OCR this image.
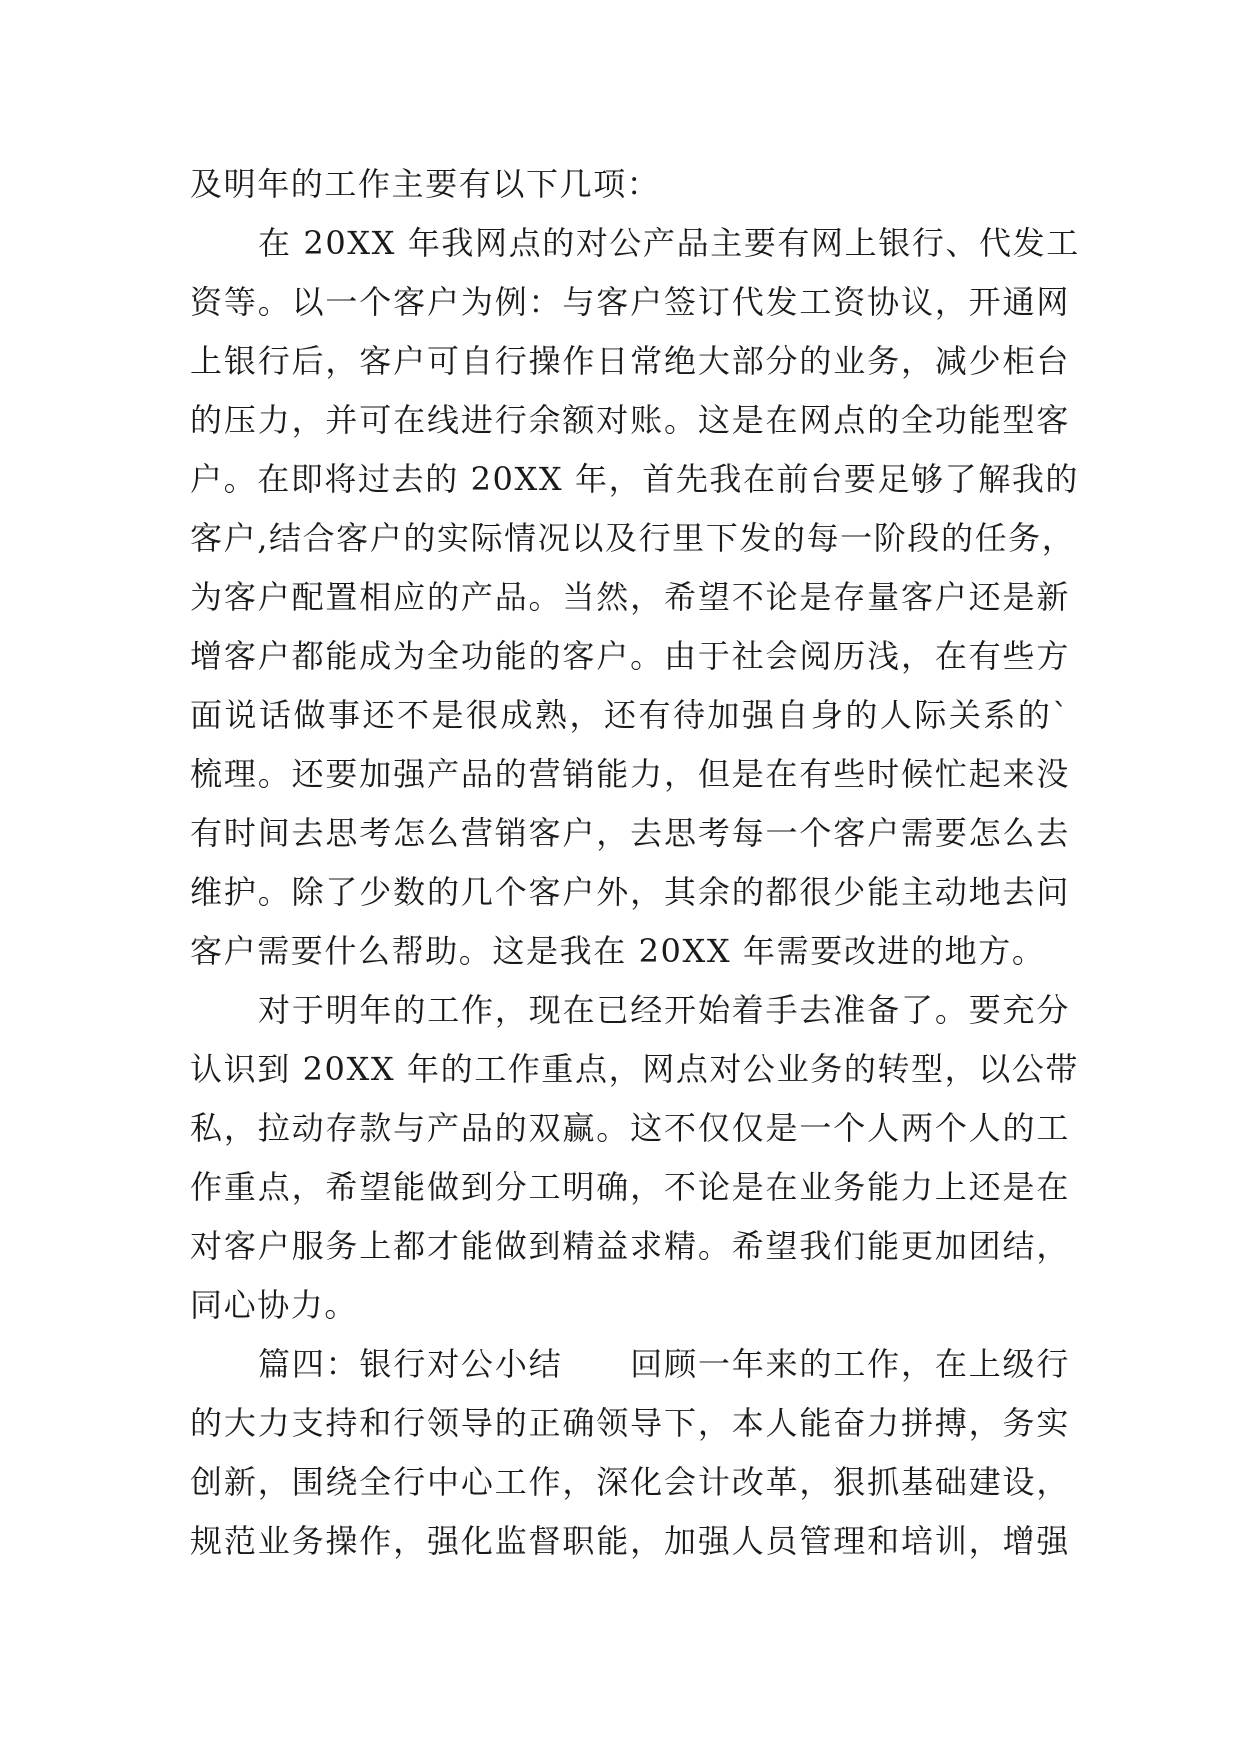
及明年的工作主要有以下几项：
在 20XX 年我网点的对公产品主要有网上银行、代发工
资等。以一个客户为例：与客户签订代发工资协议，开通网
上银行后，客户可自行操作日常绝大部分的业务，减少柜台
的压力，并可在线进行余额对账。这是在网点的全功能型客
户。在即将过去的 20XX 年，首先我在前台要足够了解我的
客户,结合客户的实际情况以及行里下发的每一阶段的任务，
为客户配置相应的产品。当然，希望不论是存量客户还是新
增客户都能成为全功能的客户。由于社会阅历浅，在有些方
面说话做事还不是很成熟，还有待加强自身的人际关系的`
梳理。还要加强产品的营销能力，但是在有些时候忙起来没
有时间去思考怎么营销客户，去思考每一个客户需要怎么去
维护。除了少数的几个客户外，其余的都很少能主动地去问
客户需要什么帮助。这是我在 20XX 年需要改进的地方。
对于明年的工作，现在已经开始着手去准备了。要充分
认识到 20XX 年的工作重点，网点对公业务的转型，以公带
私，拉动存款与产品的双赢。这不仅仅是一个人两个人的工
作重点，希望能做到分工明确，不论是在业务能力上还是在
对客户服务上都才能做到精益求精。希望我们能更加团结，
同心协力。
篇四：银行对公小结　　回顾一年来的工作，在上级行
的大力支持和行领导的正确领导下，本人能奋力拼搏，务实
创新，围绕全行中心工作，深化会计改革，狠抓基础建设，
规范业务操作，强化监督职能，加强人员管理和培训，增强
